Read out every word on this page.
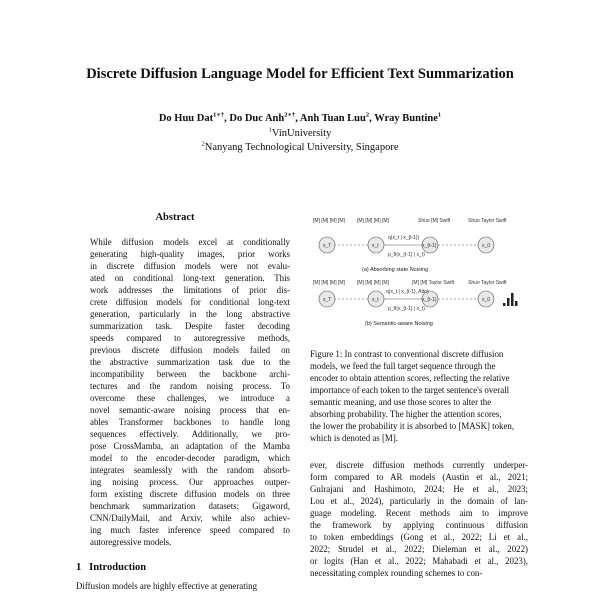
Discrete Diffusion Language Model for Efficient Text Summarization
Do Huu Dat$^{1∗\dagger}$, Do Duc Anh$^{2∗\dagger}$, Anh Tuan Luu$^2$, Wray Buntine$^1$
$^1$VinUniversity
$^2$Nanyang Technological University, Singapore
Abstract
While diffusion models excel at conditionally
generating high-quality images, prior works
in discrete diffusion models were not evalu-
ated on conditional long-text generation. This
work addresses the limitations of prior dis-
crete diffusion models for conditional long-text
generation, particularly in the long abstractive
summarization task. Despite faster decoding
speeds compared to autoregressive methods,
previous discrete diffusion models failed on
the abstractive summarization task due to the
incompatibility between the backbone archi-
tectures and the random noising process. To
overcome these challenges, we introduce a
novel semantic-aware noising process that en-
ables Transformer backbones to handle long
sequences effectively. Additionally, we pro-
pose CrossMamba, an adaptation of the Mamba
model to the encoder-decoder paradigm, which
integrates seamlessly with the random absorb-
ing noising process. Our approaches outper-
form existing discrete diffusion models on three
benchmark summarization datasets: Gigaword,
CNN/DailyMail, and Arxiv, while also achiev-
ing much faster inference speed compared to
autoregressive models.

1 Introduction
Diffusion models are highly effective at generating

[M] [M] [M] [M] [M] [M] [M] [M]	Shuo [M] Swift	Shuo Taylor Swift
x_T	x_t	x_{t-1}	x_0
q(x_t | x_{t-1})
p_θ(x_{t-1} | x_t)
(a) Absorbing state Noising
[M] [M] [M] [M] [M] [M] [M] [M]	[M] [M] Taylor Swift	Shuo Taylor Swift
x_T	x_t	x_{t-1}	x_0
q(x_t | x_{t-1}, Attn)
p_θ(x_{t-1} | x_t)
(b) Semantic-aware Noising
Figure 1: In contrast to conventional discrete diffusion
models, we feed the full target sequence through the
encoder to obtain attention scores, reflecting the relative
importance of each token to the target sentence's overall
semantic meaning, and use those scores to alter the
absorbing probability. The higher the attention scores,
the lower the probability it is absorbed to [MASK] token,
which is denoted as [M].

ever, discrete diffusion methods currently underper-
form compared to AR models (Austin et al., 2021;
Gulrajani and Hashimoto, 2024; He et al., 2023;
Lou et al., 2024), particularly in the domain of lan-
guage modeling. Recent methods aim to improve
the framework by applying continuous diffusion
to token embeddings (Gong et al., 2022; Li et al.,
2022; Strudel et al., 2022; Dieleman et al., 2022)
or logits (Han et al., 2022; Mahabadi et al., 2023),
necessitating complex rounding schemes to con-
